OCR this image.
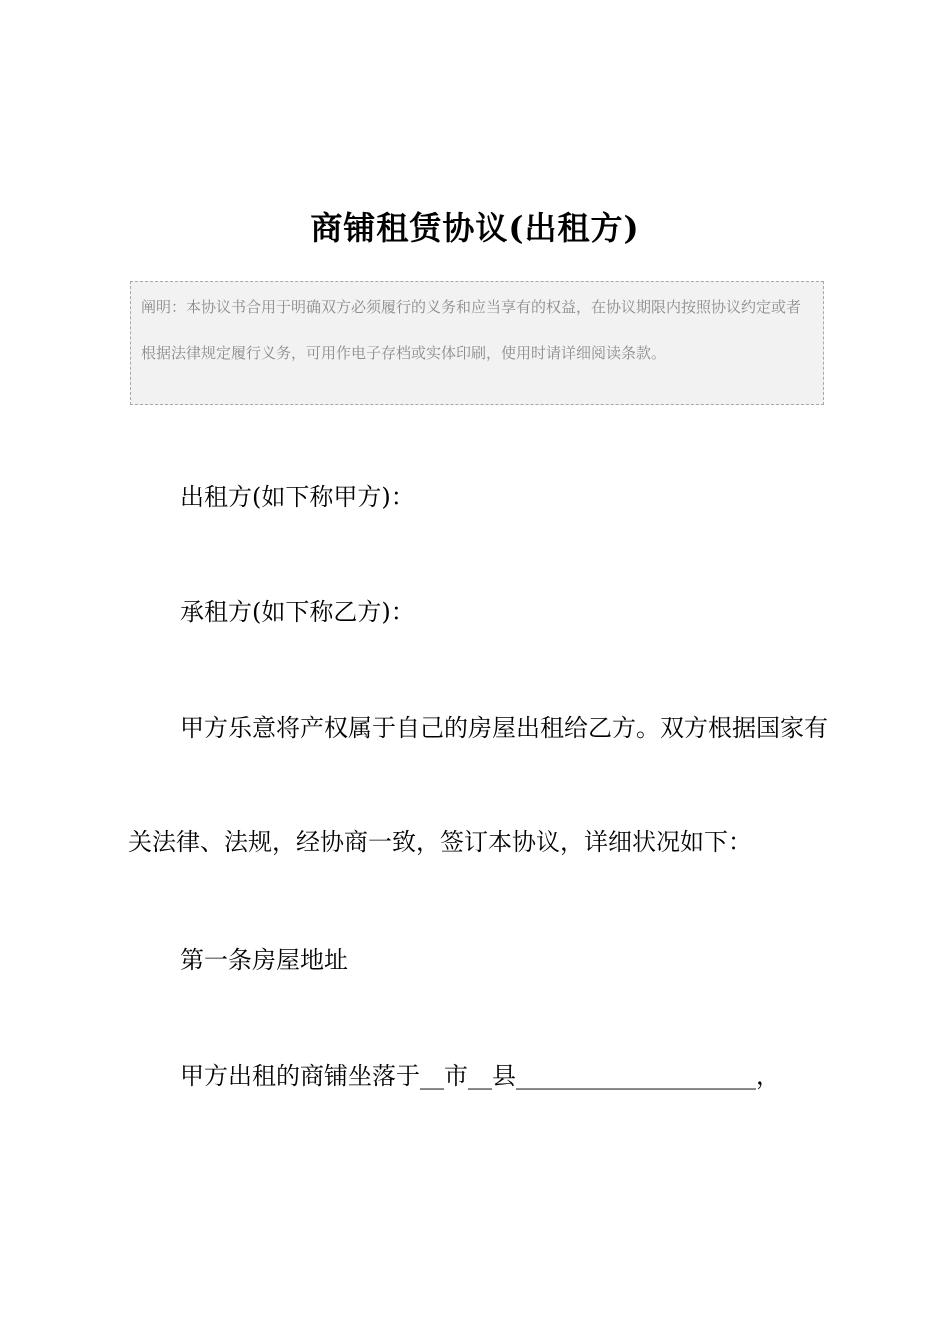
商铺租赁协议(出租方)

阐明：本协议书合用于明确双方必须履行的义务和应当享有的权益，在协议期限内按照协议约定或者根据法律规定履行义务，可用作电子存档或实体印刷，使用时请详细阅读条款。

出租方(如下称甲方)：

承租方(如下称乙方)：

甲方乐意将产权属于自己的房屋出租给乙方。双方根据国家有关法律、法规，经协商一致，签订本协议，详细状况如下：

第一条房屋地址

甲方出租的商铺坐落于__市__县____________________，
